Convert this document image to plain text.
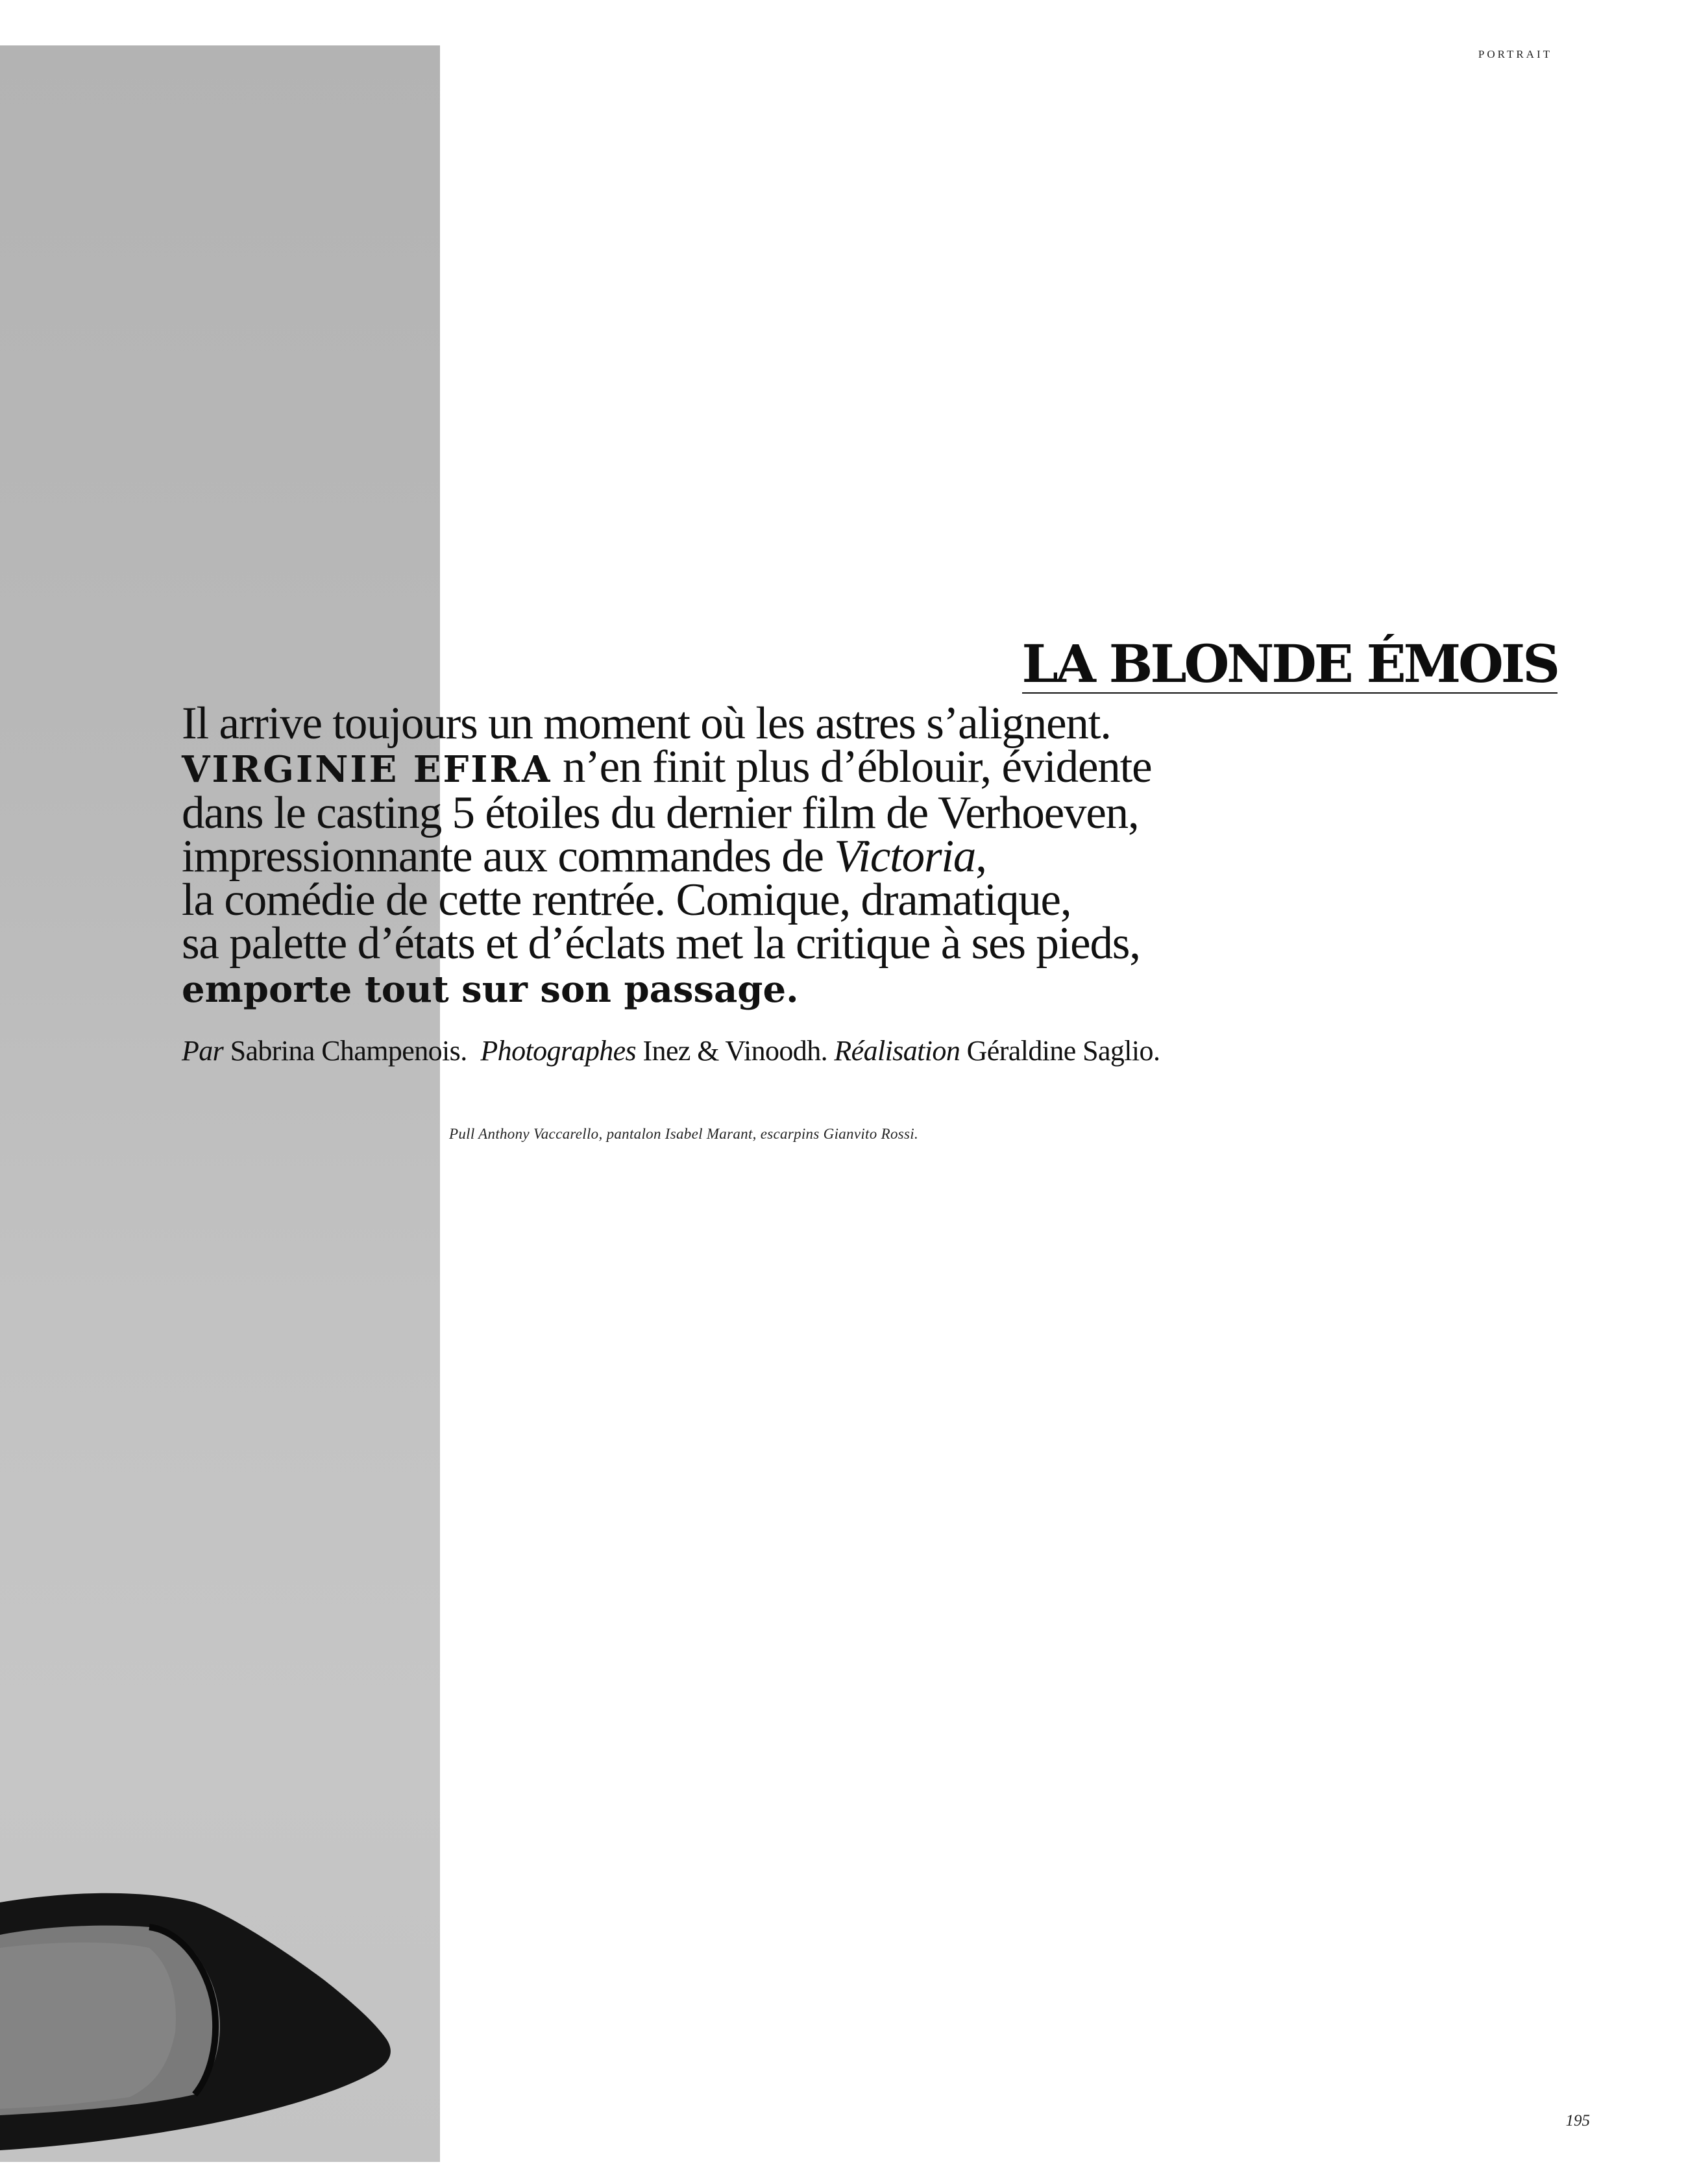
PORTRAIT
LA BLONDE ÉMOIS

Il arrive toujours un moment où les astres s’alignent.
VIRGINIE EFIRA n’en finit plus d’éblouir, évidente
dans le casting 5 étoiles du dernier film de Verhoeven,
impressionnante aux commandes de Victoria,
la comédie de cette rentrée. Comique, dramatique,
sa palette d’états et d’éclats met la critique à ses pieds,
emporte tout sur son passage.

Par Sabrina Champenois. Photographes Inez & Vinoodh. Réalisation Géraldine Saglio.

Pull Anthony Vaccarello, pantalon Isabel Marant, escarpins Gianvito Rossi.

195
